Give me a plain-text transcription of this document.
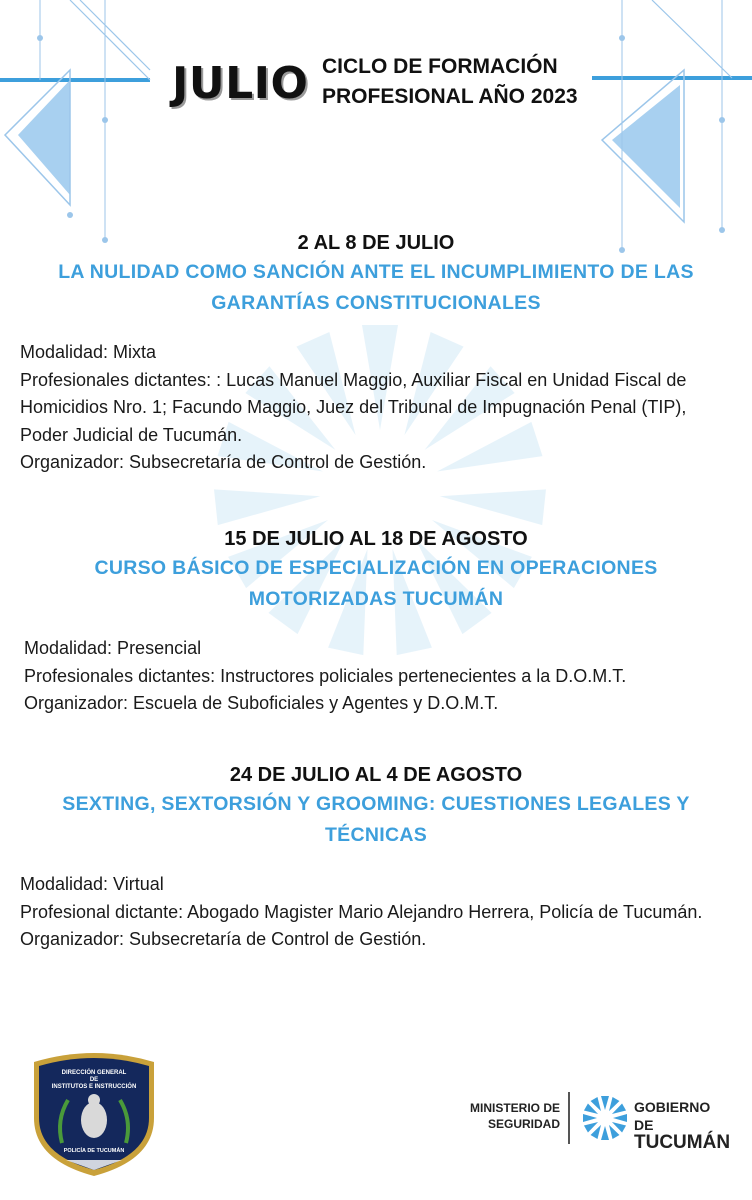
JULIO CICLO DE FORMACIÓN
PROFESIONAL AÑO 2023
2 AL 8 DE JULIO
LA NULIDAD COMO SANCIÓN ANTE EL INCUMPLIMIENTO DE LAS GARANTÍAS CONSTITUCIONALES
Modalidad: Mixta
Profesionales dictantes: : Lucas Manuel Maggio, Auxiliar Fiscal en Unidad Fiscal de Homicidios Nro. 1; Facundo Maggio, Juez del Tribunal de Impugnación Penal (TIP), Poder Judicial de Tucumán.
Organizador: Subsecretaría de Control de Gestión.
15 DE JULIO AL 18 DE AGOSTO
CURSO BÁSICO DE ESPECIALIZACIÓN EN OPERACIONES MOTORIZADAS TUCUMÁN
Modalidad: Presencial
Profesionales dictantes: Instructores policiales pertenecientes a la D.O.M.T.
Organizador: Escuela de Suboficiales y Agentes y D.O.M.T.
24 DE JULIO AL 4 DE AGOSTO
SEXTING, SEXTORSIÓN Y GROOMING: CUESTIONES LEGALES Y TÉCNICAS
Modalidad: Virtual
Profesional dictante: Abogado Magister Mario Alejandro Herrera, Policía de Tucumán.
Organizador: Subsecretaría de Control de Gestión.
DIRECCIÓN GENERAL
DE
INSTITUTOS E INSTRUCCIÓN
POLICÍA DE TUCUMÁN
MINISTERIO DE
SEGURIDAD
GOBIERNO DE
TUCUMÁN
